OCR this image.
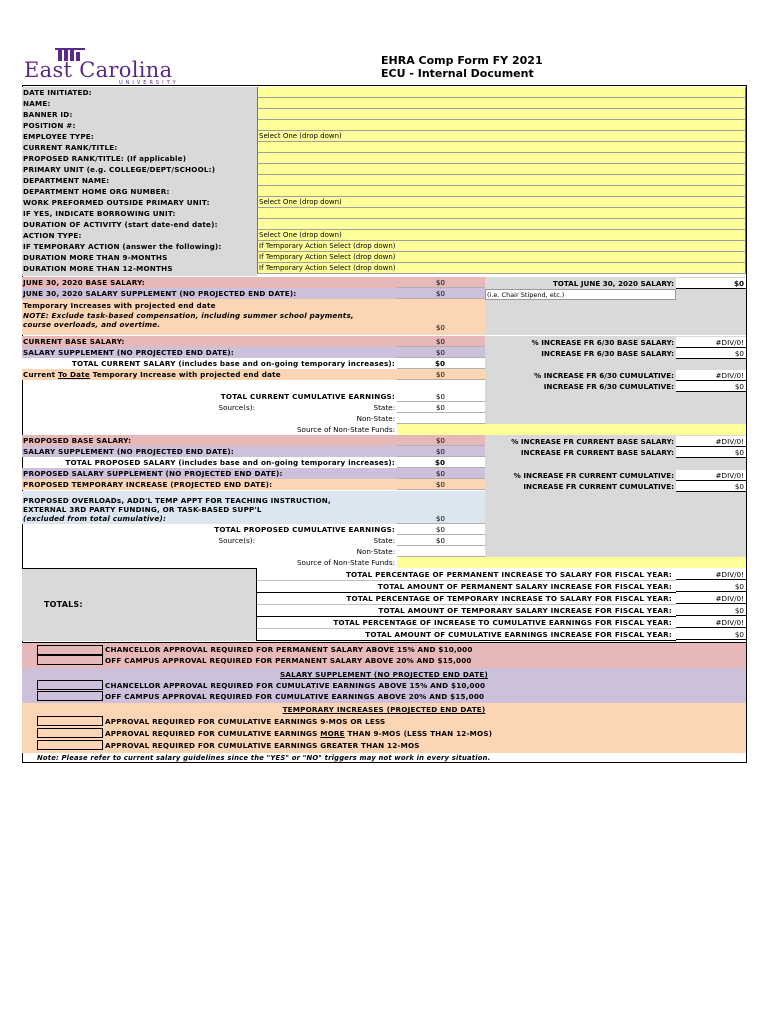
East Carolina
UNIVERSITY
EHRA Comp Form FY 2021
ECU - Internal Document
DATE INITIATED:
NAME:
BANNER ID:
POSITION #:
EMPLOYEE TYPE:	Select One (drop down)
CURRENT RANK/TITLE:
PROPOSED RANK/TITLE: (If applicable)
PRIMARY UNIT (e.g. COLLEGE/DEPT/SCHOOL:)
DEPARTMENT NAME:
DEPARTMENT HOME ORG NUMBER:
WORK PREFORMED OUTSIDE PRIMARY UNIT:	Select One (drop down)
IF YES, INDICATE BORROWING UNIT:
DURATION OF ACTIVITY (start date-end date):
ACTION TYPE:	Select One (drop down)
IF TEMPORARY ACTION (answer the following):	If Temporary Action Select (drop down)
DURATION MORE THAN 9-MONTHS	If Temporary Action Select (drop down)
DURATION MORE THAN 12-MONTHS	If Temporary Action Select (drop down)
JUNE 30, 2020 BASE SALARY:	$0
JUNE 30, 2020 SALARY SUPPLEMENT (NO PROJECTED END DATE):	$0
Temporary Increases with projected end date
NOTE: Exclude task-based compensation, including summer school payments,
course overloads, and overtime.	$0
TOTAL JUNE 30, 2020 SALARY:	$0
(i.e. Chair Stipend, etc.)
CURRENT BASE SALARY:	$0
SALARY SUPPLEMENT (NO PROJECTED END DATE):	$0
TOTAL CURRENT SALARY (includes base and on-going temporary increases):	$0
Current To Date Temporary Increase with projected end date	$0
% INCREASE FR 6/30 BASE SALARY:	#DIV/0!
INCREASE FR 6/30 BASE SALARY:	$0
% INCREASE FR 6/30 CUMULATIVE:	#DIV/0!
INCREASE FR 6/30 CUMULATIVE:	$0
TOTAL CURRENT CUMULATIVE EARNINGS:	$0
Source(s):	State:	$0
Non-State:
Source of Non-State Funds:
PROPOSED BASE SALARY:	$0
SALARY SUPPLEMENT (NO PROJECTED END DATE):	$0
TOTAL PROPOSED SALARY (includes base and on-going temporary increases):	$0
PROPOSED SALARY SUPPLEMENT (NO PROJECTED END DATE):	$0
PROPOSED TEMPORARY INCREASE (PROJECTED END DATE):	$0
% INCREASE FR CURRENT BASE SALARY:	#DIV/0!
INCREASE FR CURRENT BASE SALARY:	$0
% INCREASE FR CURRENT CUMULATIVE:	#DIV/0!
INCREASE FR CURRENT CUMULATIVE:	$0
PROPOSED OVERLOADs, ADD'L TEMP APPT FOR TEACHING INSTRUCTION,
EXTERNAL 3RD PARTY FUNDING, OR TASK-BASED SUPP'L
(excluded from total cumulative):	$0
TOTAL PROPOSED CUMULATIVE EARNINGS:	$0
Source(s):	State:	$0
Non-State:
Source of Non-State Funds:
TOTALS:
TOTAL PERCENTAGE OF PERMANENT INCREASE TO SALARY FOR FISCAL YEAR:	#DIV/0!
TOTAL AMOUNT OF PERMANENT SALARY INCREASE FOR FISCAL YEAR:	$0
TOTAL PERCENTAGE OF TEMPORARY INCREASE TO SALARY FOR FISCAL YEAR:	#DIV/0!
TOTAL AMOUNT OF TEMPORARY SALARY INCREASE FOR FISCAL YEAR:	$0
TOTAL PERCENTAGE OF INCREASE TO CUMULATIVE EARNINGS FOR FISCAL YEAR:	#DIV/0!
TOTAL AMOUNT OF CUMULATIVE EARNINGS INCREASE FOR FISCAL YEAR:	$0
CHANCELLOR APPROVAL REQUIRED FOR PERMANENT SALARY ABOVE 15% AND $10,000
OFF CAMPUS APPROVAL REQUIRED FOR PERMANENT SALARY ABOVE 20% AND $15,000
SALARY SUPPLEMENT (NO PROJECTED END DATE)
CHANCELLOR APPROVAL REQUIRED FOR CUMULATIVE EARNINGS ABOVE 15% AND $10,000
OFF CAMPUS APPROVAL REQUIRED FOR CUMULATIVE EARNINGS ABOVE 20% AND $15,000
TEMPORARY INCREASES (PROJECTED END DATE)
APPROVAL REQUIRED FOR CUMULATIVE EARNINGS 9-MOS OR LESS
APPROVAL REQUIRED FOR CUMULATIVE EARNINGS MORE THAN 9-MOS (LESS THAN 12-MOS)
APPROVAL REQUIRED FOR CUMULATIVE EARNINGS GREATER THAN 12-MOS
Note: Please refer to current salary guidelines since the "YES" or "NO" triggers may not work in every situation.
